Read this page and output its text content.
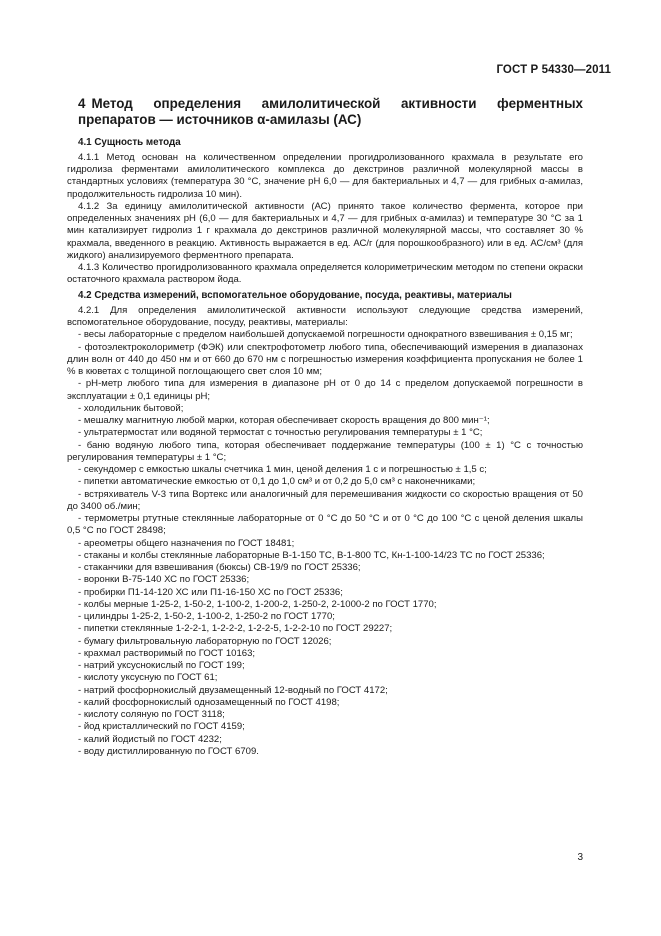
ГОСТ Р 54330—2011
4 Метод определения амилолитической активности ферментных препаратов — источников α-амилазы (АС)
4.1 Сущность метода

4.1.1 Метод основан на количественном определении прогидролизованного крахмала в результате его гидролиза ферментами амилолитического комплекса до декстринов различной молекулярной массы в стандартных условиях (температура 30 °С, значение pH 6,0 — для бактериальных и 4,7 — для грибных α-амилаз, продолжительность гидролиза 10 мин).

4.1.2 За единицу амилолитической активности (АС) принято такое количество фермента, которое при определенных значениях pH (6,0 — для бактериальных и 4,7 — для грибных α-амилаз) и температуре 30 °С за 1 мин катализирует гидролиз 1 г крахмала до декстринов различной молекулярной массы, что составляет 30 % крахмала, введенного в реакцию. Активность выражается в ед. АС/г (для порошкообразного) или в ед. АС/см³ (для жидкого) анализируемого ферментного препарата.

4.1.3 Количество прогидролизованного крахмала определяется колориметрическим методом по степени окраски остаточного крахмала раствором йода.

4.2 Средства измерений, вспомогательное оборудование, посуда, реактивы, материалы

4.2.1 Для определения амилолитической активности используют следующие средства измерений, вспомогательное оборудование, посуду, реактивы, материалы:

- весы лабораторные с пределом наибольшей допускаемой погрешности однократного взвешивания ± 0,15 мг;

- фотоэлектроколориметр (ФЭК) или спектрофотометр любого типа, обеспечивающий измерения в диапазонах длин волн от 440 до 450 нм и от 660 до 670 нм с погрешностью измерения коэффициента пропускания не более 1 % в кюветах с толщиной поглощающего свет слоя 10 мм;

- pH-метр любого типа для измерения в диапазоне pH от 0 до 14 с пределом допускаемой погрешности в эксплуатации ± 0,1 единицы pH;

- холодильник бытовой;

- мешалку магнитную любой марки, которая обеспечивает скорость вращения до 800 мин⁻¹;

- ультратермостат или водяной термостат с точностью регулирования температуры ± 1 °С;

- баню водяную любого типа, которая обеспечивает поддержание температуры (100 ± 1) °С с точностью регулирования температуры ± 1 °С;

- секундомер с емкостью шкалы счетчика 1 мин, ценой деления 1 с и погрешностью ± 1,5 с;

- пипетки автоматические емкостью от 0,1 до 1,0 см³ и от 0,2 до 5,0 см³ с наконечниками;

- встряхиватель V-3 типа Вортекс или аналогичный для перемешивания жидкости со скоростью вращения от 50 до 3400 об./мин;

- термометры ртутные стеклянные лабораторные от 0 °С до 50 °С и от 0 °С до 100 °С с ценой деления шкалы 0,5 °С по ГОСТ 28498;

- ареометры общего назначения по ГОСТ 18481;

- стаканы и колбы стеклянные лабораторные В-1-150 ТС, В-1-800 ТС, Кн-1-100-14/23 ТС по ГОСТ 25336;

- стаканчики для взвешивания (бюксы) СВ-19/9 по ГОСТ 25336;

- воронки В-75-140 ХС по ГОСТ 25336;

- пробирки П1-14-120 ХС или П1-16-150 ХС по ГОСТ 25336;

- колбы мерные 1-25-2, 1-50-2, 1-100-2, 1-200-2, 1-250-2, 2-1000-2 по ГОСТ 1770;

- цилиндры 1-25-2, 1-50-2, 1-100-2, 1-250-2 по ГОСТ 1770;

- пипетки стеклянные 1-2-2-1, 1-2-2-2, 1-2-2-5, 1-2-2-10 по ГОСТ 29227;

- бумагу фильтровальную лабораторную по ГОСТ 12026;

- крахмал растворимый по ГОСТ 10163;

- натрий уксуснокислый по ГОСТ 199;

- кислоту уксусную по ГОСТ 61;

- натрий фосфорнокислый двузамещенный 12-водный по ГОСТ 4172;

- калий фосфорнокислый однозамещенный по ГОСТ 4198;

- кислоту соляную по ГОСТ 3118;

- йод кристаллический по ГОСТ 4159;

- калий йодистый по ГОСТ 4232;

- воду дистиллированную по ГОСТ 6709.

3
